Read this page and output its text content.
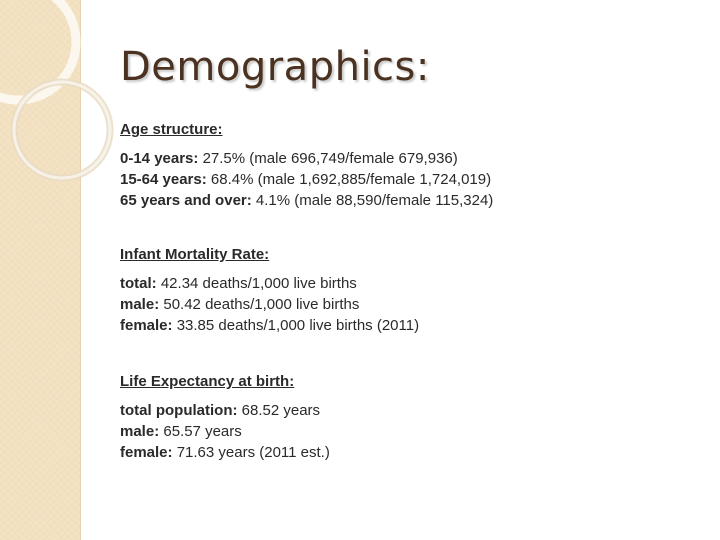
Demographics:
Age structure:
0-14 years: 27.5% (male 696,749/female 679,936)
15-64 years: 68.4% (male 1,692,885/female 1,724,019)
65 years and over: 4.1% (male 88,590/female 115,324)
Infant Mortality Rate:
total: 42.34 deaths/1,000 live births
male: 50.42 deaths/1,000 live births
female: 33.85 deaths/1,000 live births (2011)
Life Expectancy at birth:
total population: 68.52 years
male: 65.57 years
female: 71.63 years (2011 est.)
